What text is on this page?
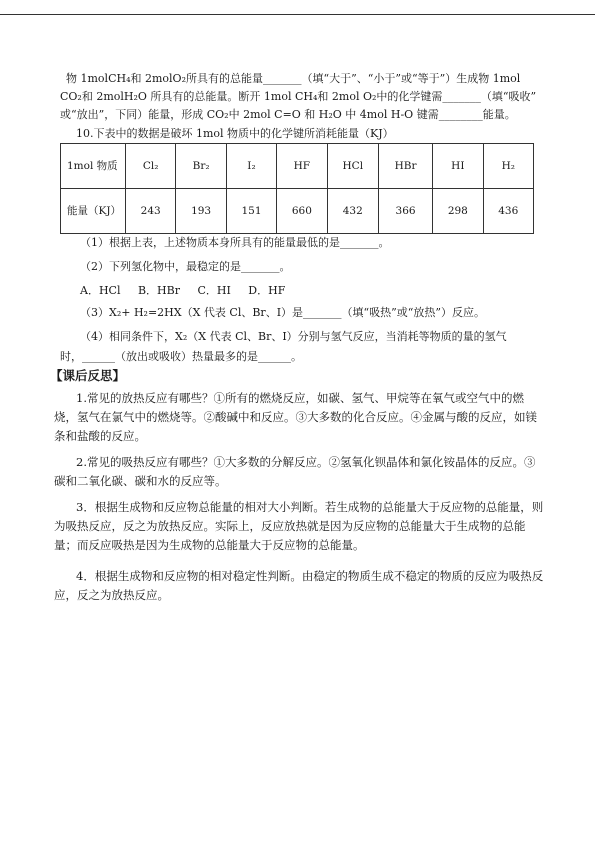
物 1molCH₄和 2molO₂所具有的总能量_______（填“大于”、“小于”或“等于”）生成物 1mol
CO₂和 2molH₂O 所具有的总能量。断开 1mol CH₄和 2mol O₂中的化学键需_______（填“吸收”
或“放出”，下同）能量，形成 CO₂中 2mol C=O 和 H₂O 中 4mol H-O 键需________能量。
10.下表中的数据是破坏 1mol 物质中的化学键所消耗能量（KJ）
1mol 物质	Cl₂	Br₂	I₂	HF	HCl	HBr	HI	H₂
能量（KJ）	243	193	151	660	432	366	298	436
（1）根据上表，上述物质本身所具有的能量最低的是_______。
（2）下列氢化物中，最稳定的是_______。
A．HCl     B．HBr     C．HI     D．HF
（3）X₂+ H₂=2HX（X 代表 Cl、Br、I）是_______（填“吸热”或“放热”）反应。
（4）相同条件下，X₂（X 代表 Cl、Br、I）分别与氢气反应，当消耗等物质的量的氢气
时，______（放出或吸收）热量最多的是______。
【课后反思】
1.常见的放热反应有哪些？①所有的燃烧反应，如碳、氢气、甲烷等在氧气或空气中的燃烧，氢气在氯气中的燃烧等。②酸碱中和反应。③大多数的化合反应。④金属与酸的反应，如镁条和盐酸的反应。
2.常见的吸热反应有哪些？①大多数的分解反应。②氢氧化钡晶体和氯化铵晶体的反应。③碳和二氧化碳、碳和水的反应等。
3．根据生成物和反应物总能量的相对大小判断。若生成物的总能量大于反应物的总能量，则为吸热反应，反之为放热反应。实际上，反应放热就是因为反应物的总能量大于生成物的总能量；而反应吸热是因为生成物的总能量大于反应物的总能量。
4．根据生成物和反应物的相对稳定性判断。由稳定的物质生成不稳定的物质的反应为吸热反应，反之为放热反应。
